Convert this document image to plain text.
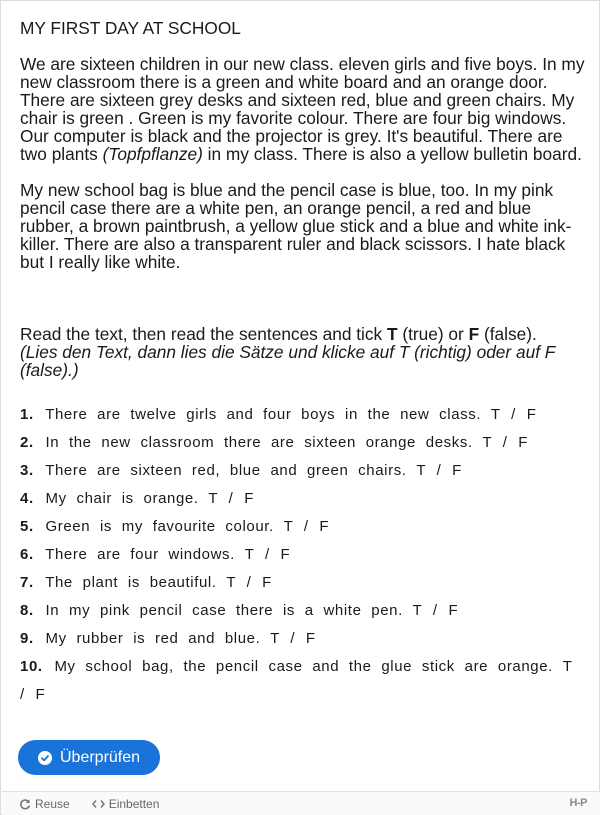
MY FIRST DAY AT SCHOOL

We are sixteen children in our new class. eleven girls and five boys. In my new classroom there is a green and white board and an orange door. There are sixteen grey desks and sixteen red, blue and green chairs. My chair is green . Green is my favorite colour. There are four big windows. Our computer is black and the projector is grey. It's beautiful. There are two plants (Topfpflanze) in my class. There is also a yellow bulletin board.

My new school bag is blue and the pencil case is blue, too. In my pink pencil case there are a white pen, an orange pencil, a red and blue rubber, a brown paintbrush, a yellow glue stick and a blue and white ink-killer. There are also a transparent ruler and black scissors. I hate black but I really like white.

Read the text, then read the sentences and tick T (true) or F (false).
(Lies den Text, dann lies die Sätze und klicke auf T (richtig) oder auf F (false).)
1. There are twelve girls and four boys in the new class. T / F
2. In the new classroom there are sixteen orange desks. T / F
3. There are sixteen red, blue and green chairs. T / F
4. My chair is orange. T / F
5. Green is my favourite colour. T / F
6. There are four windows. T / F
7. The plant is beautiful. T / F
8. In my pink pencil case there is a white pen. T / F
9. My rubber is red and blue. T / F
10. My school bag, the pencil case and the glue stick are orange. T / F
Überprüfen
Reuse	Einbetten	H-P
